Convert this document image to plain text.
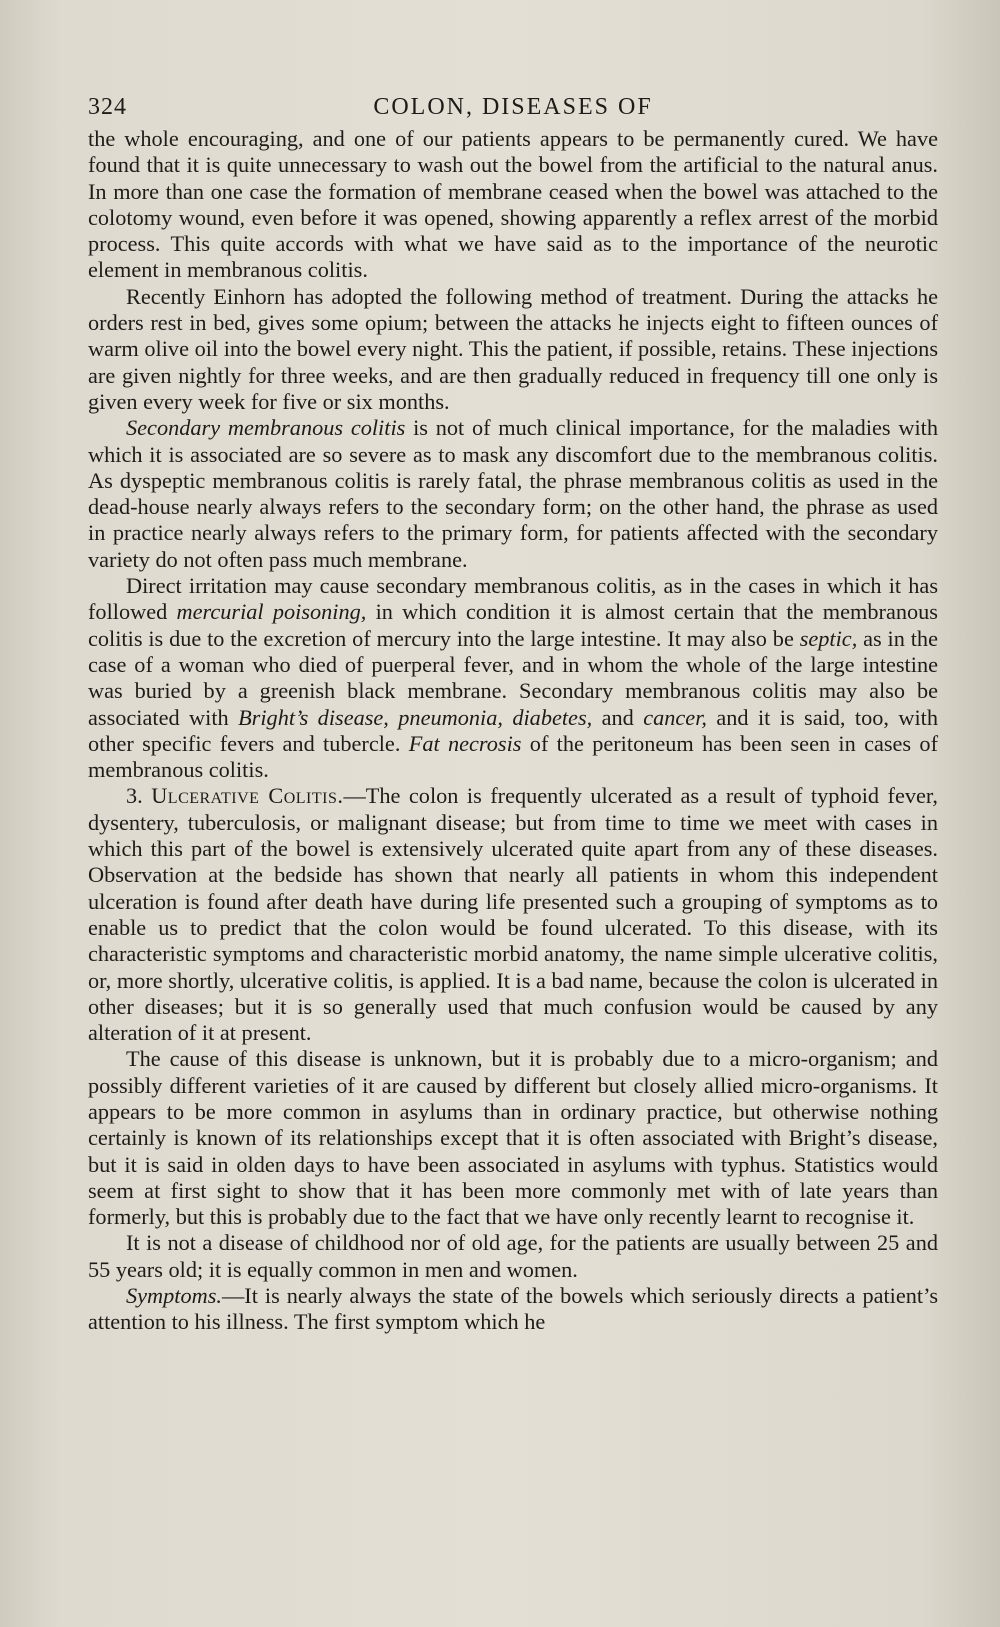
324	COLON, DISEASES OF

the whole encouraging, and one of our patients appears to be permanently cured. We have found that it is quite unnecessary to wash out the bowel from the artificial to the natural anus. In more than one case the formation of membrane ceased when the bowel was attached to the colotomy wound, even before it was opened, showing apparently a reflex arrest of the morbid process. This quite accords with what we have said as to the importance of the neurotic element in membranous colitis.

Recently Einhorn has adopted the following method of treatment. During the attacks he orders rest in bed, gives some opium; between the attacks he injects eight to fifteen ounces of warm olive oil into the bowel every night. This the patient, if possible, retains. These injections are given nightly for three weeks, and are then gradually reduced in frequency till one only is given every week for five or six months.

Secondary membranous colitis is not of much clinical importance, for the maladies with which it is associated are so severe as to mask any discomfort due to the membranous colitis. As dyspeptic membranous colitis is rarely fatal, the phrase membranous colitis as used in the dead-house nearly always refers to the secondary form; on the other hand, the phrase as used in practice nearly always refers to the primary form, for patients affected with the secondary variety do not often pass much membrane.

Direct irritation may cause secondary membranous colitis, as in the cases in which it has followed mercurial poisoning, in which condition it is almost certain that the membranous colitis is due to the excretion of mercury into the large intestine. It may also be septic, as in the case of a woman who died of puerperal fever, and in whom the whole of the large intestine was buried by a greenish black membrane. Secondary membranous colitis may also be associated with Bright’s disease, pneumonia, diabetes, and cancer, and it is said, too, with other specific fevers and tubercle. Fat necrosis of the peritoneum has been seen in cases of membranous colitis.

3. Ulcerative Colitis.—The colon is frequently ulcerated as a result of typhoid fever, dysentery, tuberculosis, or malignant disease; but from time to time we meet with cases in which this part of the bowel is extensively ulcerated quite apart from any of these diseases. Observation at the bedside has shown that nearly all patients in whom this independent ulceration is found after death have during life presented such a grouping of symptoms as to enable us to predict that the colon would be found ulcerated. To this disease, with its characteristic symptoms and characteristic morbid anatomy, the name simple ulcerative colitis, or, more shortly, ulcerative colitis, is applied. It is a bad name, because the colon is ulcerated in other diseases; but it is so generally used that much confusion would be caused by any alteration of it at present.

The cause of this disease is unknown, but it is probably due to a micro-organism; and possibly different varieties of it are caused by different but closely allied micro-organisms. It appears to be more common in asylums than in ordinary practice, but otherwise nothing certainly is known of its relationships except that it is often associated with Bright’s disease, but it is said in olden days to have been associated in asylums with typhus. Statistics would seem at first sight to show that it has been more commonly met with of late years than formerly, but this is probably due to the fact that we have only recently learnt to recognise it.

It is not a disease of childhood nor of old age, for the patients are usually between 25 and 55 years old; it is equally common in men and women.

Symptoms.—It is nearly always the state of the bowels which seriously directs a patient’s attention to his illness. The first symptom which he
